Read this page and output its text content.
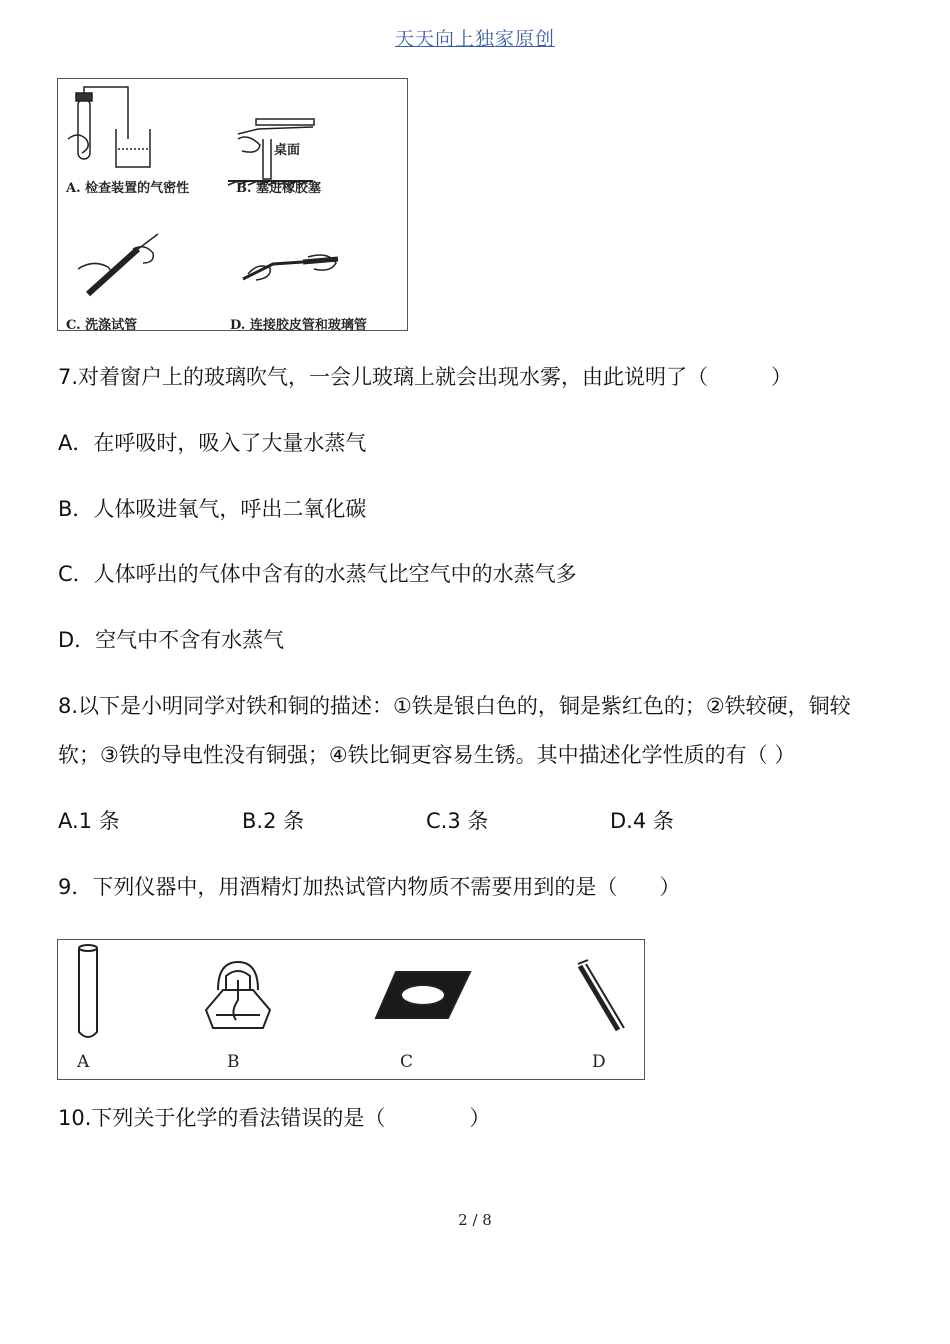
天天向上独家原创
A. 检查装置的气密性
桌面
B. 塞进橡胶塞
C. 洗涤试管	D. 连接胶皮管和玻璃管
7.对着窗户上的玻璃吹气，一会儿玻璃上就会出现水雾，由此说明了（　　　）
A．在呼吸时，吸入了大量水蒸气
B．人体吸进氧气，呼出二氧化碳
C．人体呼出的气体中含有的水蒸气比空气中的水蒸气多
D．空气中不含有水蒸气
8.以下是小明同学对铁和铜的描述：①铁是银白色的，铜是紫红色的；②铁较硬，铜较
软；③铁的导电性没有铜强；④铁比铜更容易生锈。其中描述化学性质的有（ ）
A.1 条	B.2 条	C.3 条	D.4 条
9．下列仪器中，用酒精灯加热试管内物质不需要用到的是（　　）
A	B	C	D
10.下列关于化学的看法错误的是（　　　　）
2 / 8
